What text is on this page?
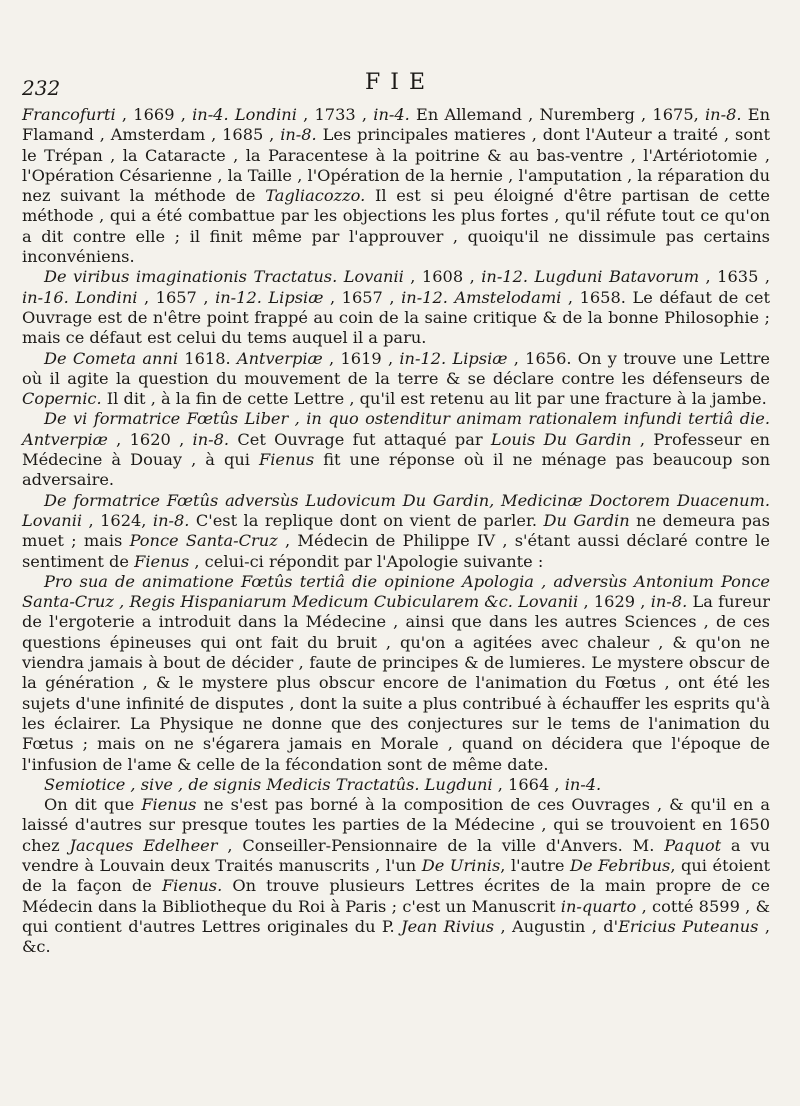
232	FIE

Francofurti , 1669 , in-4. Londini , 1733 , in-4. En Allemand , Nuremberg , 1675, in-8. En Flamand , Amsterdam , 1685 , in-8. Les principales matieres , dont l'Auteur a traité , sont le Trépan , la Cataracte , la Paracentese à la poitrine & au bas-ventre , l'Artériotomie , l'Opération Césarienne , la Taille , l'Opération de la hernie , l'amputation , la réparation du nez suivant la méthode de Tagliacozzo. Il est si peu éloigné d'être partisan de cette méthode , qui a été combattue par les objections les plus fortes , qu'il réfute tout ce qu'on a dit contre elle ; il finit même par l'approuver , quoiqu'il ne dissimule pas certains inconvéniens.

De viribus imaginationis Tractatus. Lovanii , 1608 , in-12. Lugduni Batavorum , 1635 , in-16. Londini , 1657 , in-12. Lipsiæ , 1657 , in-12. Amstelodami , 1658. Le défaut de cet Ouvrage est de n'être point frappé au coin de la saine critique & de la bonne Philosophie ; mais ce défaut est celui du tems auquel il a paru.

De Cometa anni 1618. Antverpiæ , 1619 , in-12. Lipsiæ , 1656. On y trouve une Lettre où il agite la question du mouvement de la terre & se déclare contre les défenseurs de Copernic. Il dit , à la fin de cette Lettre , qu'il est retenu au lit par une fracture à la jambe.

De vi formatrice Fœtûs Liber , in quo ostenditur animam rationalem infundi tertiâ die. Antverpiæ , 1620 , in-8. Cet Ouvrage fut attaqué par Louis Du Gardin , Professeur en Médecine à Douay , à qui Fienus fit une réponse où il ne ménage pas beaucoup son adversaire.

De formatrice Fœtûs adversùs Ludovicum Du Gardin, Medicinæ Doctorem Duacenum. Lovanii , 1624, in-8. C'est la replique dont on vient de parler. Du Gardin ne demeura pas muet ; mais Ponce Santa-Cruz , Médecin de Philippe IV , s'étant aussi déclaré contre le sentiment de Fienus , celui-ci répondit par l'Apologie suivante :

Pro sua de animatione Fœtûs tertiâ die opinione Apologia , adversùs Antonium Ponce Santa-Cruz , Regis Hispaniarum Medicum Cubicularem &c. Lovanii , 1629 , in-8. La fureur de l'ergoterie a introduit dans la Médecine , ainsi que dans les autres Sciences , de ces questions épineuses qui ont fait du bruit , qu'on a agitées avec chaleur , & qu'on ne viendra jamais à bout de décider , faute de principes & de lumieres. Le mystere obscur de la génération , & le mystere plus obscur encore de l'animation du Fœtus , ont été les sujets d'une infinité de disputes , dont la suite a plus contribué à échauffer les esprits qu'à les éclairer. La Physique ne donne que des conjectures sur le tems de l'animation du Fœtus ; mais on ne s'égarera jamais en Morale , quand on décidera que l'époque de l'infusion de l'ame & celle de la fécondation sont de même date.

Semiotice , sive , de signis Medicis Tractatûs. Lugduni , 1664 , in-4.

On dit que Fienus ne s'est pas borné à la composition de ces Ouvrages , & qu'il en a laissé d'autres sur presque toutes les parties de la Médecine , qui se trouvoient en 1650 chez Jacques Edelheer , Conseiller-Pensionnaire de la ville d'Anvers. M. Paquot a vu vendre à Louvain deux Traités manuscrits , l'un De Urinis, l'autre De Febribus, qui étoient de la façon de Fienus. On trouve plusieurs Lettres écrites de la main propre de ce Médecin dans la Bibliotheque du Roi à Paris ; c'est un Manuscrit in-quarto , cotté 8599 , & qui contient d'autres Lettres originales du P. Jean Rivius , Augustin , d'Ericius Puteanus , &c.
